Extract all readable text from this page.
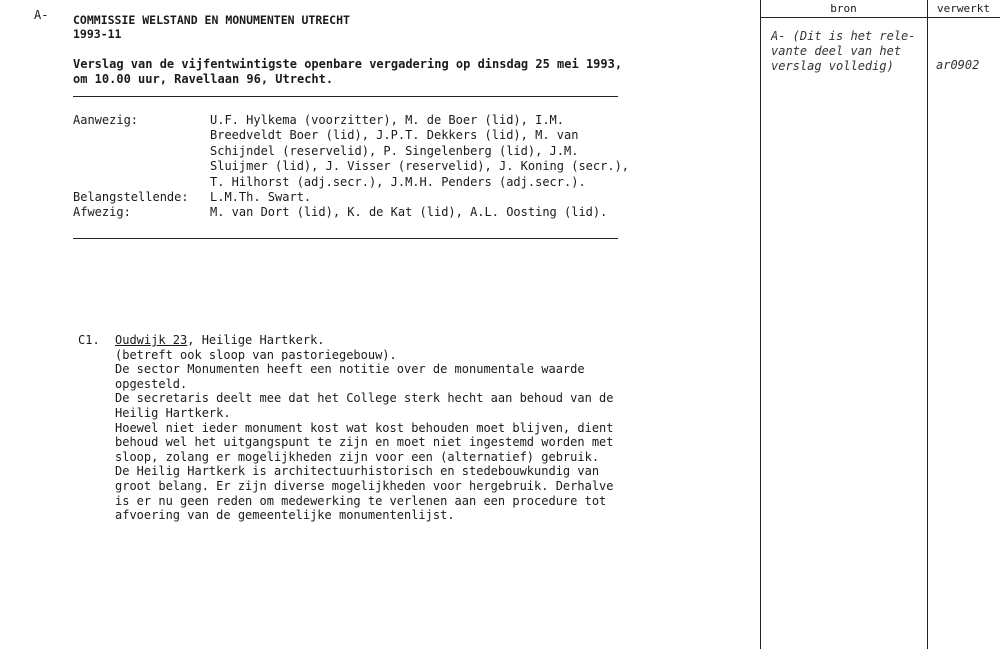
A- COMMISSIE WELSTAND EN MONUMENTEN UTRECHT
1993-11
Verslag van de vijfentwintigste openbare vergadering op dinsdag 25 mei 1993,
om 10.00 uur, Ravellaan 96, Utrecht.
Aanwezig:
Belangstellende:
Afwezig:
U.F. Hylkema (voorzitter), M. de Boer (lid), I.M.
Breedveldt Boer (lid), J.P.T. Dekkers (lid), M. van
Schijndel (reservelid), P. Singelenberg (lid), J.M.
Sluijmer (lid), J. Visser (reservelid), J. Koning (secr.),
T. Hilhorst (adj.secr.), J.M.H. Penders (adj.secr.).
L.M.Th. Swart.
M. van Dort (lid), K. de Kat (lid), A.L. Oosting (lid).
C1. Oudwijk 23, Heilige Hartkerk.
(betreft ook sloop van pastoriegebouw).
De sector Monumenten heeft een notitie over de monumentale waarde
opgesteld.
De secretaris deelt mee dat het College sterk hecht aan behoud van de
Heilig Hartkerk.
Hoewel niet ieder monument kost wat kost behouden moet blijven, dient
behoud wel het uitgangspunt te zijn en moet niet ingestemd worden met
sloop, zolang er mogelijkheden zijn voor een (alternatief) gebruik.
De Heilig Hartkerk is architectuurhistorisch en stedebouwkundig van
groot belang. Er zijn diverse mogelijkheden voor hergebruik. Derhalve
is er nu geen reden om medewerking te verlenen aan een procedure tot
afvoering van de gemeentelijke monumentenlijst.
bron	verwerkt
A- (Dit is het rele-
vante deel van het
verslag volledig)	ar0902
